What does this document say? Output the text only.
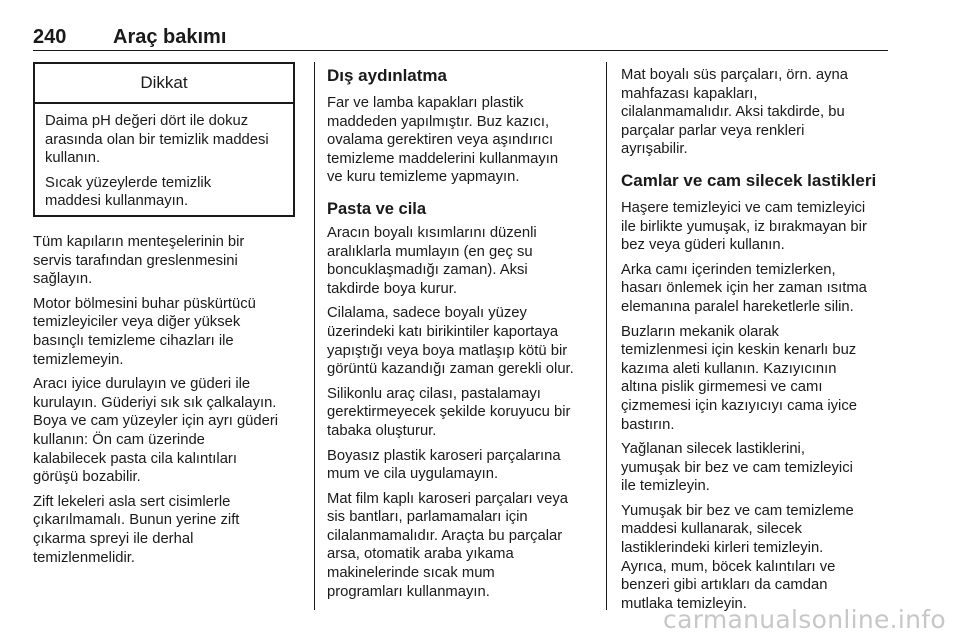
240 Araç bakımı
Dikkat

Daima pH değeri dört ile dokuz
arasında olan bir temizlik maddesi
kullanın.

Sıcak yüzeylerde temizlik
maddesi kullanmayın.

Tüm kapıların menteşelerinin bir
servis tarafından greslenmesini
sağlayın.

Motor bölmesini buhar püskürtücü
temizleyiciler veya diğer yüksek
basınçlı temizleme cihazları ile
temizlemeyin.

Aracı iyice durulayın ve güderi ile
kurulayın. Güderiyi sık sık çalkalayın.
Boya ve cam yüzeyler için ayrı güderi
kullanın: Ön cam üzerinde
kalabilecek pasta cila kalıntıları
görüşü bozabilir.

Zift lekeleri asla sert cisimlerle
çıkarılmamalı. Bunun yerine zift
çıkarma spreyi ile derhal
temizlenmelidir.

Dış aydınlatma

Far ve lamba kapakları plastik
maddeden yapılmıştır. Buz kazıcı,
ovalama gerektiren veya aşındırıcı
temizleme maddelerini kullanmayın
ve kuru temizleme yapmayın.

Pasta ve cila

Aracın boyalı kısımlarını düzenli
aralıklarla mumlayın (en geç su
boncuklaşmadığı zaman). Aksi
takdirde boya kurur.

Cilalama, sadece boyalı yüzey
üzerindeki katı birikintiler kaportaya
yapıştığı veya boya matlaşıp kötü bir
görüntü kazandığı zaman gerekli olur.

Silikonlu araç cilası, pastalamayı
gerektirmeyecek şekilde koruyucu bir
tabaka oluşturur.

Boyasız plastik karoseri parçalarına
mum ve cila uygulamayın.

Mat film kaplı karoseri parçaları veya
sis bantları, parlamamaları için
cilalanmamalıdır. Araçta bu parçalar
arsa, otomatik araba yıkama
makinelerinde sıcak mum
programları kullanmayın.

Mat boyalı süs parçaları, örn. ayna
mahfazası kapakları,
cilalanmamalıdır. Aksi takdirde, bu
parçalar parlar veya renkleri
ayrışabilir.

Camlar ve cam silecek lastikleri

Haşere temizleyici ve cam temizleyici
ile birlikte yumuşak, iz bırakmayan bir
bez veya güderi kullanın.

Arka camı içerinden temizlerken,
hasarı önlemek için her zaman ısıtma
elemanına paralel hareketlerle silin.

Buzların mekanik olarak
temizlenmesi için keskin kenarlı buz
kazıma aleti kullanın. Kazıyıcının
altına pislik girmemesi ve camı
çizmemesi için kazıyıcıyı cama iyice
bastırın.

Yağlanan silecek lastiklerini,
yumuşak bir bez ve cam temizleyici
ile temizleyin.

Yumuşak bir bez ve cam temizleme
maddesi kullanarak, silecek
lastiklerindeki kirleri temizleyin.
Ayrıca, mum, böcek kalıntıları ve
benzeri gibi artıkları da camdan
mutlaka temizleyin.

carmanualsonline.info
